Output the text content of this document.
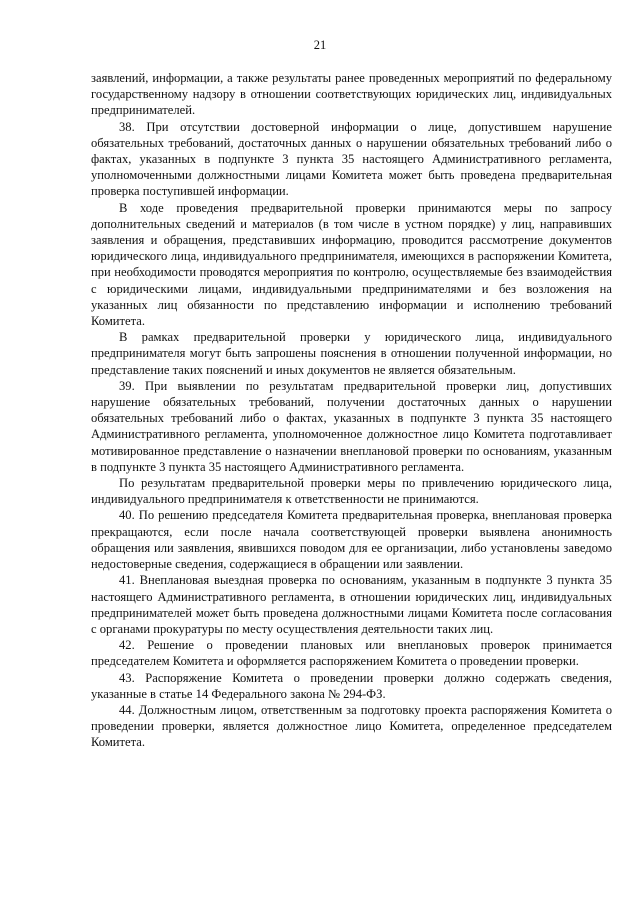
21

заявлений, информации, а также результаты ранее проведенных мероприятий по федеральному государственному надзору в отношении соответствующих юридических лиц, индивидуальных предпринимателей.

38. При отсутствии достоверной информации о лице, допустившем нарушение обязательных требований, достаточных данных о нарушении обязательных требований либо о фактах, указанных в подпункте 3 пункта 35 настоящего Административного регламента, уполномоченными должностными лицами Комитета может быть проведена предварительная проверка поступившей информации.

В ходе проведения предварительной проверки принимаются меры по запросу дополнительных сведений и материалов (в том числе в устном порядке) у лиц, направивших заявления и обращения, представивших информацию, проводится рассмотрение документов юридического лица, индивидуального предпринимателя, имеющихся в распоряжении Комитета, при необходимости проводятся мероприятия по контролю, осуществляемые без взаимодействия с юридическими лицами, индивидуальными предпринимателями и без возложения на указанных лиц обязанности по представлению информации и исполнению требований Комитета.

В рамках предварительной проверки у юридического лица, индивидуального предпринимателя могут быть запрошены пояснения в отношении полученной информации, но представление таких пояснений и иных документов не является обязательным.

39. При выявлении по результатам предварительной проверки лиц, допустивших нарушение обязательных требований, получении достаточных данных о нарушении обязательных требований либо о фактах, указанных в подпункте 3 пункта 35 настоящего Административного регламента, уполномоченное должностное лицо Комитета подготавливает мотивированное представление о назначении внеплановой проверки по основаниям, указанным в подпункте 3 пункта 35 настоящего Административного регламента.

По результатам предварительной проверки меры по привлечению юридического лица, индивидуального предпринимателя к ответственности не принимаются.

40. По решению председателя Комитета предварительная проверка, внеплановая проверка прекращаются, если после начала соответствующей проверки выявлена анонимность обращения или заявления, явившихся поводом для ее организации, либо установлены заведомо недостоверные сведения, содержащиеся в обращении или заявлении.

41. Внеплановая выездная проверка по основаниям, указанным в подпункте 3 пункта 35 настоящего Административного регламента, в отношении юридических лиц, индивидуальных предпринимателей может быть проведена должностными лицами Комитета после согласования с органами прокуратуры по месту осуществления деятельности таких лиц.

42. Решение о проведении плановых или внеплановых проверок принимается председателем Комитета и оформляется распоряжением Комитета о проведении проверки.

43. Распоряжение Комитета о проведении проверки должно содержать сведения, указанные в статье 14 Федерального закона № 294-ФЗ.

44. Должностным лицом, ответственным за подготовку проекта распоряжения Комитета о проведении проверки, является должностное лицо Комитета, определенное председателем Комитета.
